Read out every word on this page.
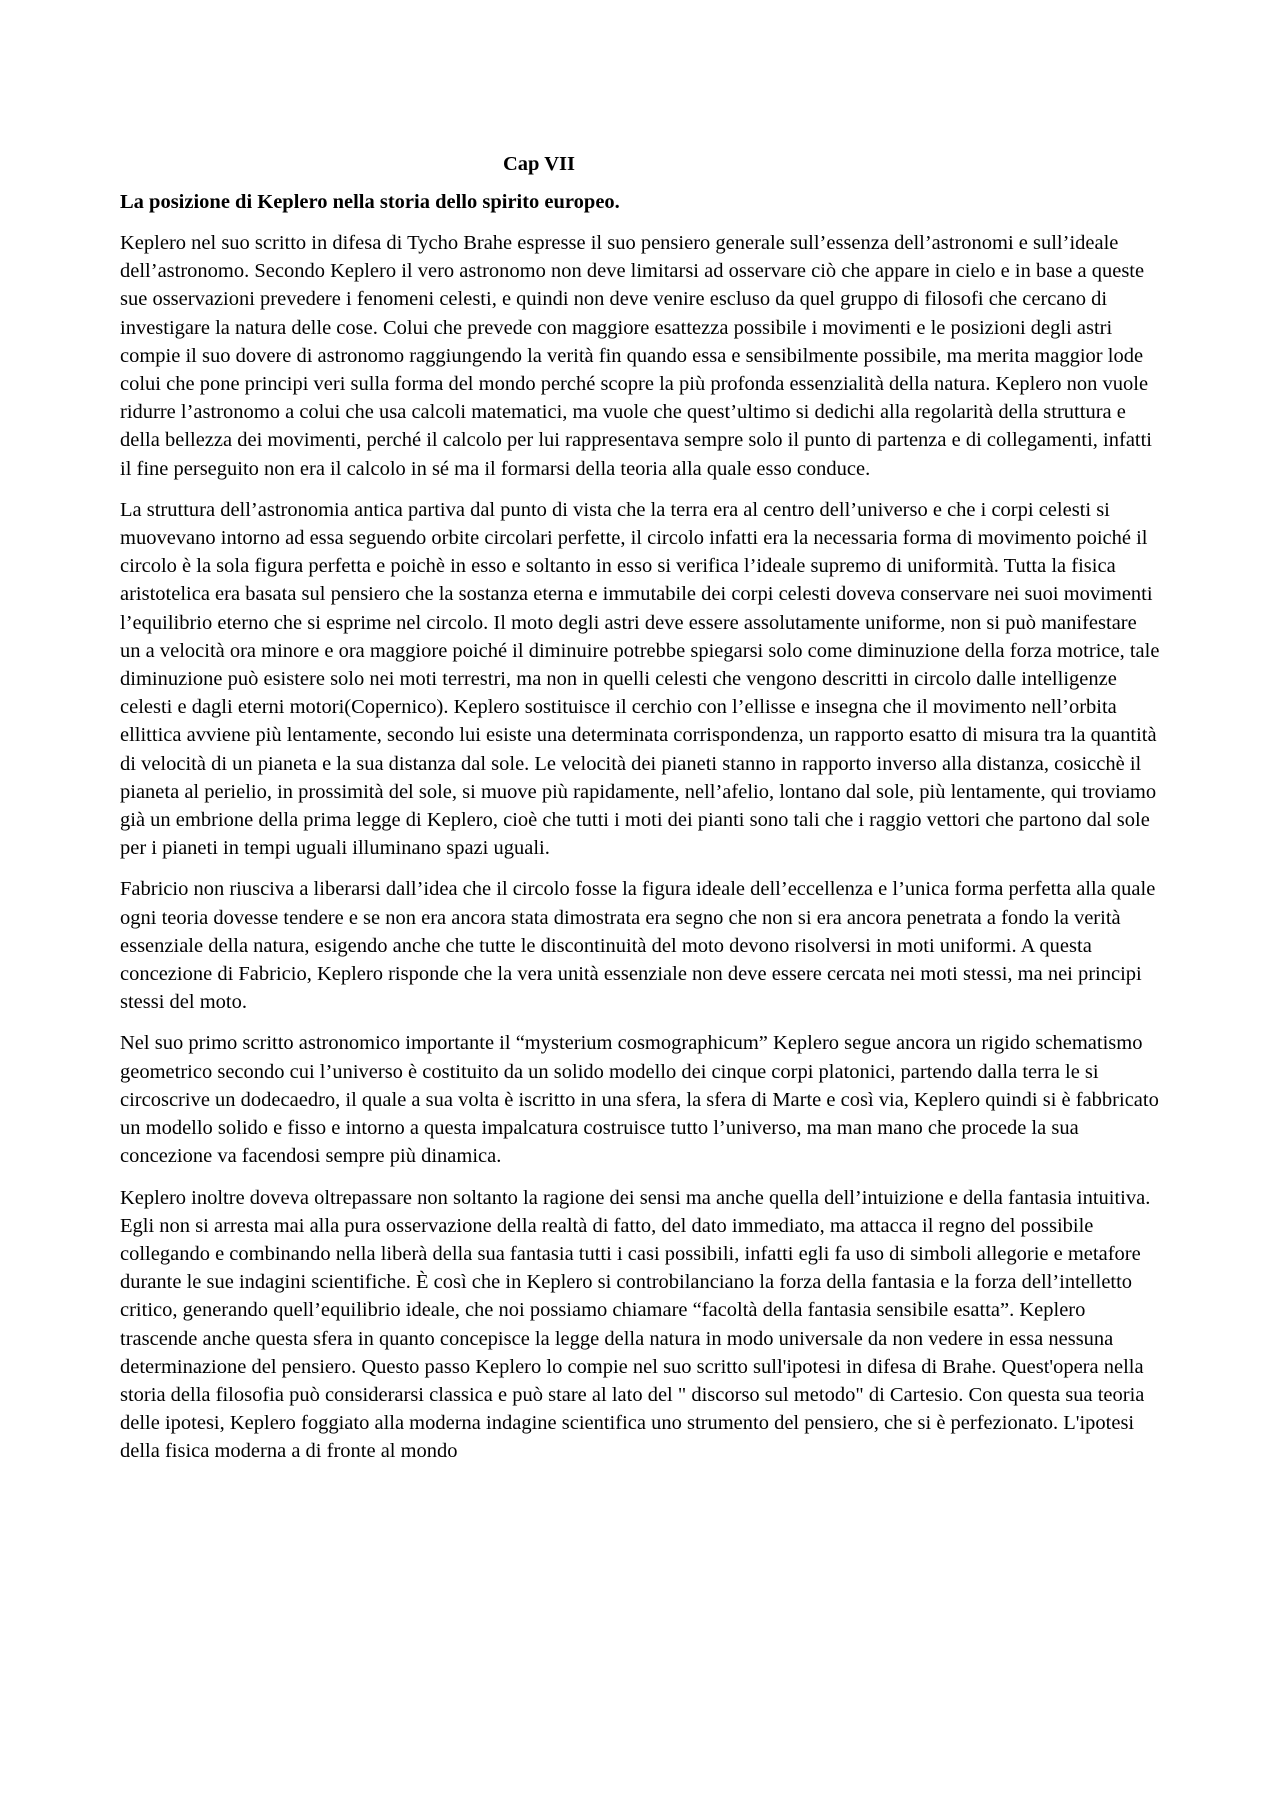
Cap VII
La posizione di Keplero nella storia dello spirito europeo.

Keplero nel suo scritto in difesa di Tycho Brahe espresse il suo pensiero generale sull’essenza dell’astronomi e sull’ideale dell’astronomo. Secondo Keplero il vero astronomo non deve limitarsi ad osservare ciò che appare in cielo e in base a queste sue osservazioni prevedere i fenomeni celesti, e quindi non deve venire escluso da quel gruppo di filosofi che cercano di investigare la natura delle cose. Colui che prevede con maggiore esattezza possibile i movimenti e le posizioni degli astri compie il suo dovere di astronomo raggiungendo la verità fin quando essa e sensibilmente possibile, ma merita maggior lode colui che pone principi veri sulla forma del mondo perché scopre la più profonda essenzialità della natura. Keplero non vuole ridurre l’astronomo a colui che usa calcoli matematici, ma vuole che quest’ultimo si dedichi alla regolarità della struttura e della bellezza dei movimenti, perché il calcolo per lui rappresentava sempre solo il punto di partenza e di collegamenti, infatti il fine perseguito non era il calcolo in sé ma il formarsi della teoria alla quale esso conduce.

La struttura dell’astronomia antica partiva dal punto di vista che la terra era al centro dell’universo e che i corpi celesti si muovevano intorno ad essa seguendo orbite circolari perfette, il circolo infatti era la necessaria forma di movimento poiché il circolo è la sola figura perfetta e poichè in esso e soltanto in esso si verifica l’ideale supremo di uniformità. Tutta la fisica aristotelica era basata sul pensiero che la sostanza eterna e immutabile dei corpi celesti doveva conservare nei suoi movimenti l’equilibrio eterno che si esprime nel circolo. Il moto degli astri deve essere assolutamente uniforme, non si può manifestare un a velocità ora minore e ora maggiore poiché il diminuire potrebbe spiegarsi solo come diminuzione della forza motrice, tale diminuzione può esistere solo nei moti terrestri, ma non in quelli celesti che vengono descritti in circolo dalle intelligenze celesti e dagli eterni motori(Copernico). Keplero sostituisce il cerchio con l’ellisse e insegna che il movimento nell’orbita ellittica avviene più lentamente, secondo lui esiste una determinata corrispondenza, un rapporto esatto di misura tra la quantità di velocità di un pianeta e la sua distanza dal sole. Le velocità dei pianeti stanno in rapporto inverso alla distanza, cosicchè il pianeta al perielio, in prossimità del sole, si muove più rapidamente, nell’afelio, lontano dal sole, più lentamente, qui troviamo già un embrione della prima legge di Keplero, cioè che tutti i moti dei pianti sono tali che i raggio vettori che partono dal sole per i pianeti in tempi uguali illuminano spazi uguali.

Fabricio non riusciva a liberarsi dall’idea che il circolo fosse la figura ideale dell’eccellenza e l’unica forma perfetta alla quale ogni teoria dovesse tendere e se non era ancora stata dimostrata era segno che non si era ancora penetrata a fondo la verità essenziale della natura, esigendo anche che tutte le discontinuità del moto devono risolversi in moti uniformi. A questa concezione di Fabricio, Keplero risponde che la vera unità essenziale non deve essere cercata nei moti stessi, ma nei principi stessi del moto.

Nel suo primo scritto astronomico importante il “mysterium cosmographicum” Keplero segue ancora un rigido schematismo geometrico secondo cui l’universo è costituito da un solido modello dei cinque corpi platonici, partendo dalla terra le si circoscrive un dodecaedro, il quale a sua volta è iscritto in una sfera, la sfera di Marte e così via, Keplero quindi si è fabbricato un modello solido e fisso e intorno a questa impalcatura costruisce tutto l’universo, ma man mano che procede la sua concezione va facendosi sempre più dinamica.

Keplero inoltre doveva oltrepassare non soltanto la ragione dei sensi ma anche quella dell’intuizione e della fantasia intuitiva. Egli non si arresta mai alla pura osservazione della realtà di fatto, del dato immediato, ma attacca il regno del possibile collegando e combinando nella liberà della sua fantasia tutti i casi possibili, infatti egli fa uso di simboli allegorie e metafore durante le sue indagini scientifiche. È così che in Keplero si controbilanciano la forza della fantasia e la forza dell’intelletto critico, generando quell’equilibrio ideale, che noi possiamo chiamare “facoltà della fantasia sensibile esatta”. Keplero trascende anche questa sfera in quanto concepisce la legge della natura in modo universale da non vedere in essa nessuna determinazione del pensiero. Questo passo Keplero lo compie nel suo scritto sull'ipotesi in difesa di Brahe. Quest'opera nella storia della filosofia può considerarsi classica e può stare al lato del " discorso sul metodo" di Cartesio. Con questa sua teoria delle ipotesi, Keplero foggiato alla moderna indagine scientifica uno strumento del pensiero, che si è perfezionato. L'ipotesi della fisica moderna a di fronte al mondo
